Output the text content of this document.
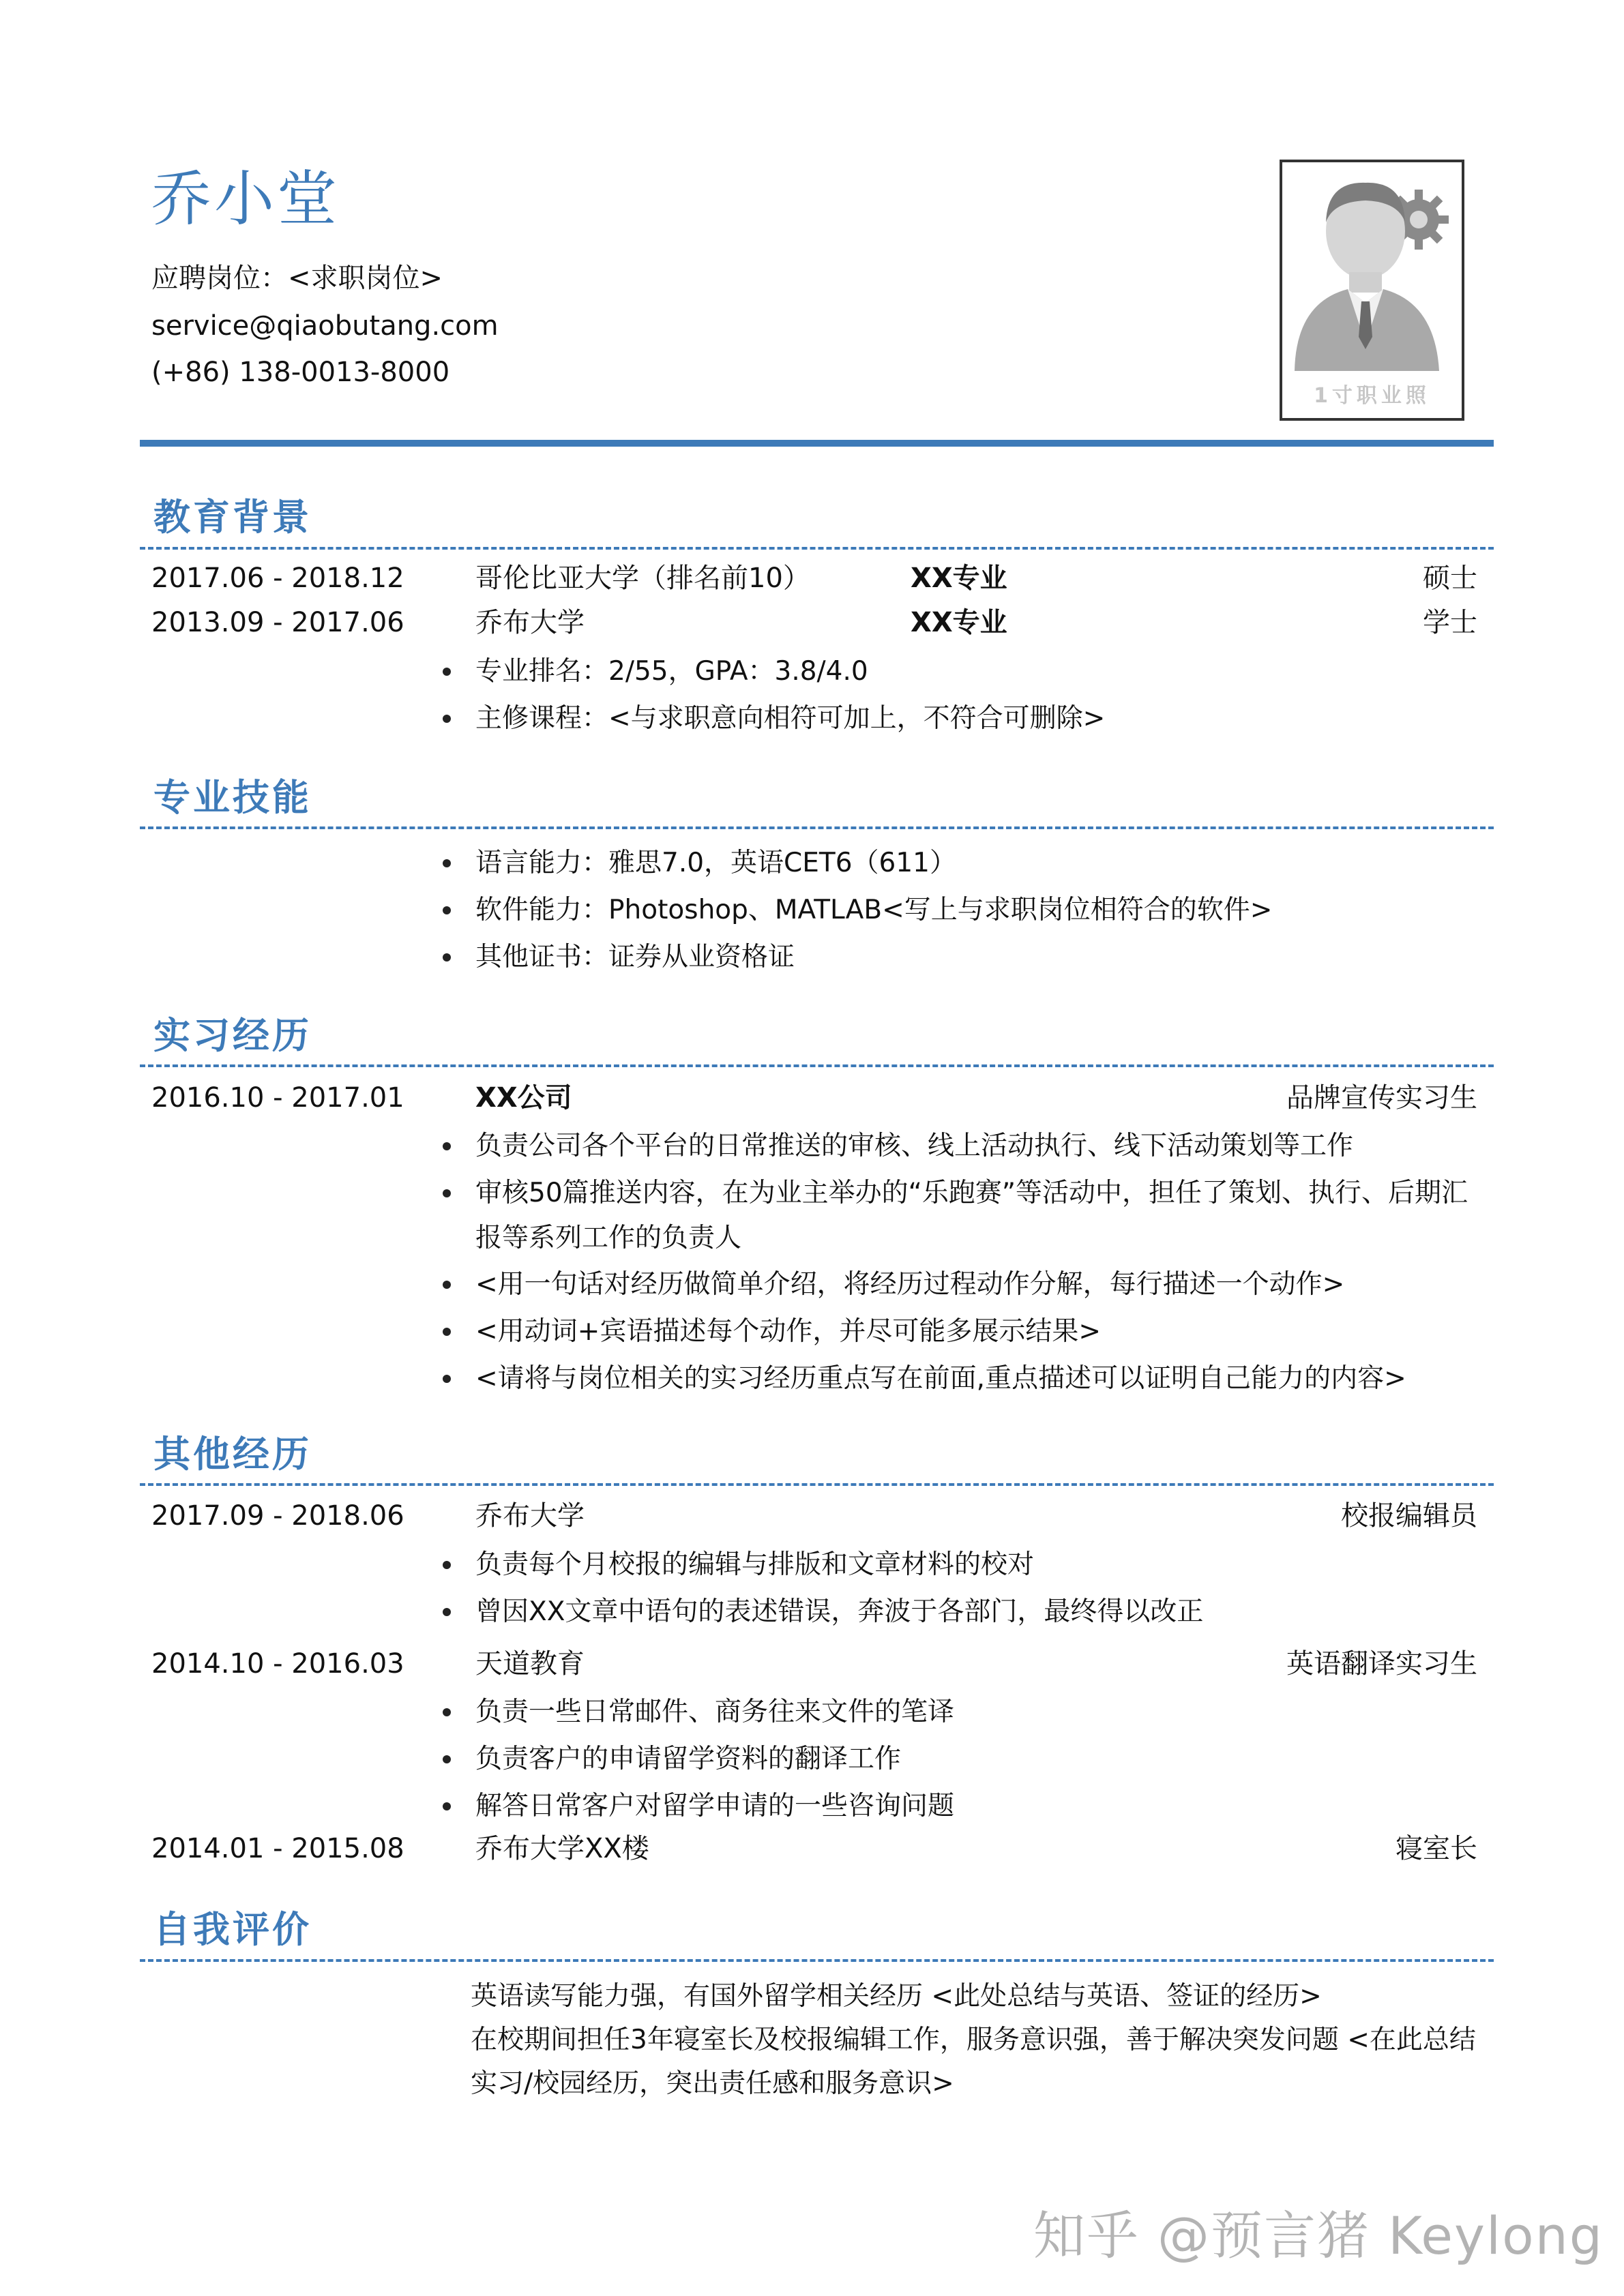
乔小堂
应聘岗位：<求职岗位>
service@qiaobutang.com
(+86) 138-0013-8000
1寸职业照
教育背景
2017.06 - 2018.12	哥伦比亚大学（排名前10）	XX专业	硕士
2013.09 - 2017.06	乔布大学	XX专业	学士
专业排名：2/55，GPA：3.8/4.0
主修课程：<与求职意向相符可加上，不符合可删除>
专业技能
语言能力：雅思7.0，英语CET6（611）
软件能力：Photoshop、MATLAB<写上与求职岗位相符合的软件>
其他证书：证券从业资格证
实习经历
2016.10 - 2017.01	XX公司	品牌宣传实习生
负责公司各个平台的日常推送的审核、线上活动执行、线下活动策划等工作
审核50篇推送内容，在为业主举办的“乐跑赛”等活动中，担任了策划、执行、后期汇报等系列工作的负责人
<用一句话对经历做简单介绍，将经历过程动作分解，每行描述一个动作>
<用动词+宾语描述每个动作，并尽可能多展示结果>
<请将与岗位相关的实习经历重点写在前面,重点描述可以证明自己能力的内容>
其他经历
2017.09 - 2018.06	乔布大学	校报编辑员
负责每个月校报的编辑与排版和文章材料的校对
曾因XX文章中语句的表述错误，奔波于各部门，最终得以改正
2014.10 - 2016.03	天道教育	英语翻译实习生
负责一些日常邮件、商务往来文件的笔译
负责客户的申请留学资料的翻译工作
解答日常客户对留学申请的一些咨询问题
2014.01 - 2015.08	乔布大学XX楼	寝室长
自我评价
英语读写能力强，有国外留学相关经历 <此处总结与英语、签证的经历>
在校期间担任3年寝室长及校报编辑工作，服务意识强，善于解决突发问题 <在此总结实习/校园经历，突出责任感和服务意识>
知乎 @预言猪 Keylong
